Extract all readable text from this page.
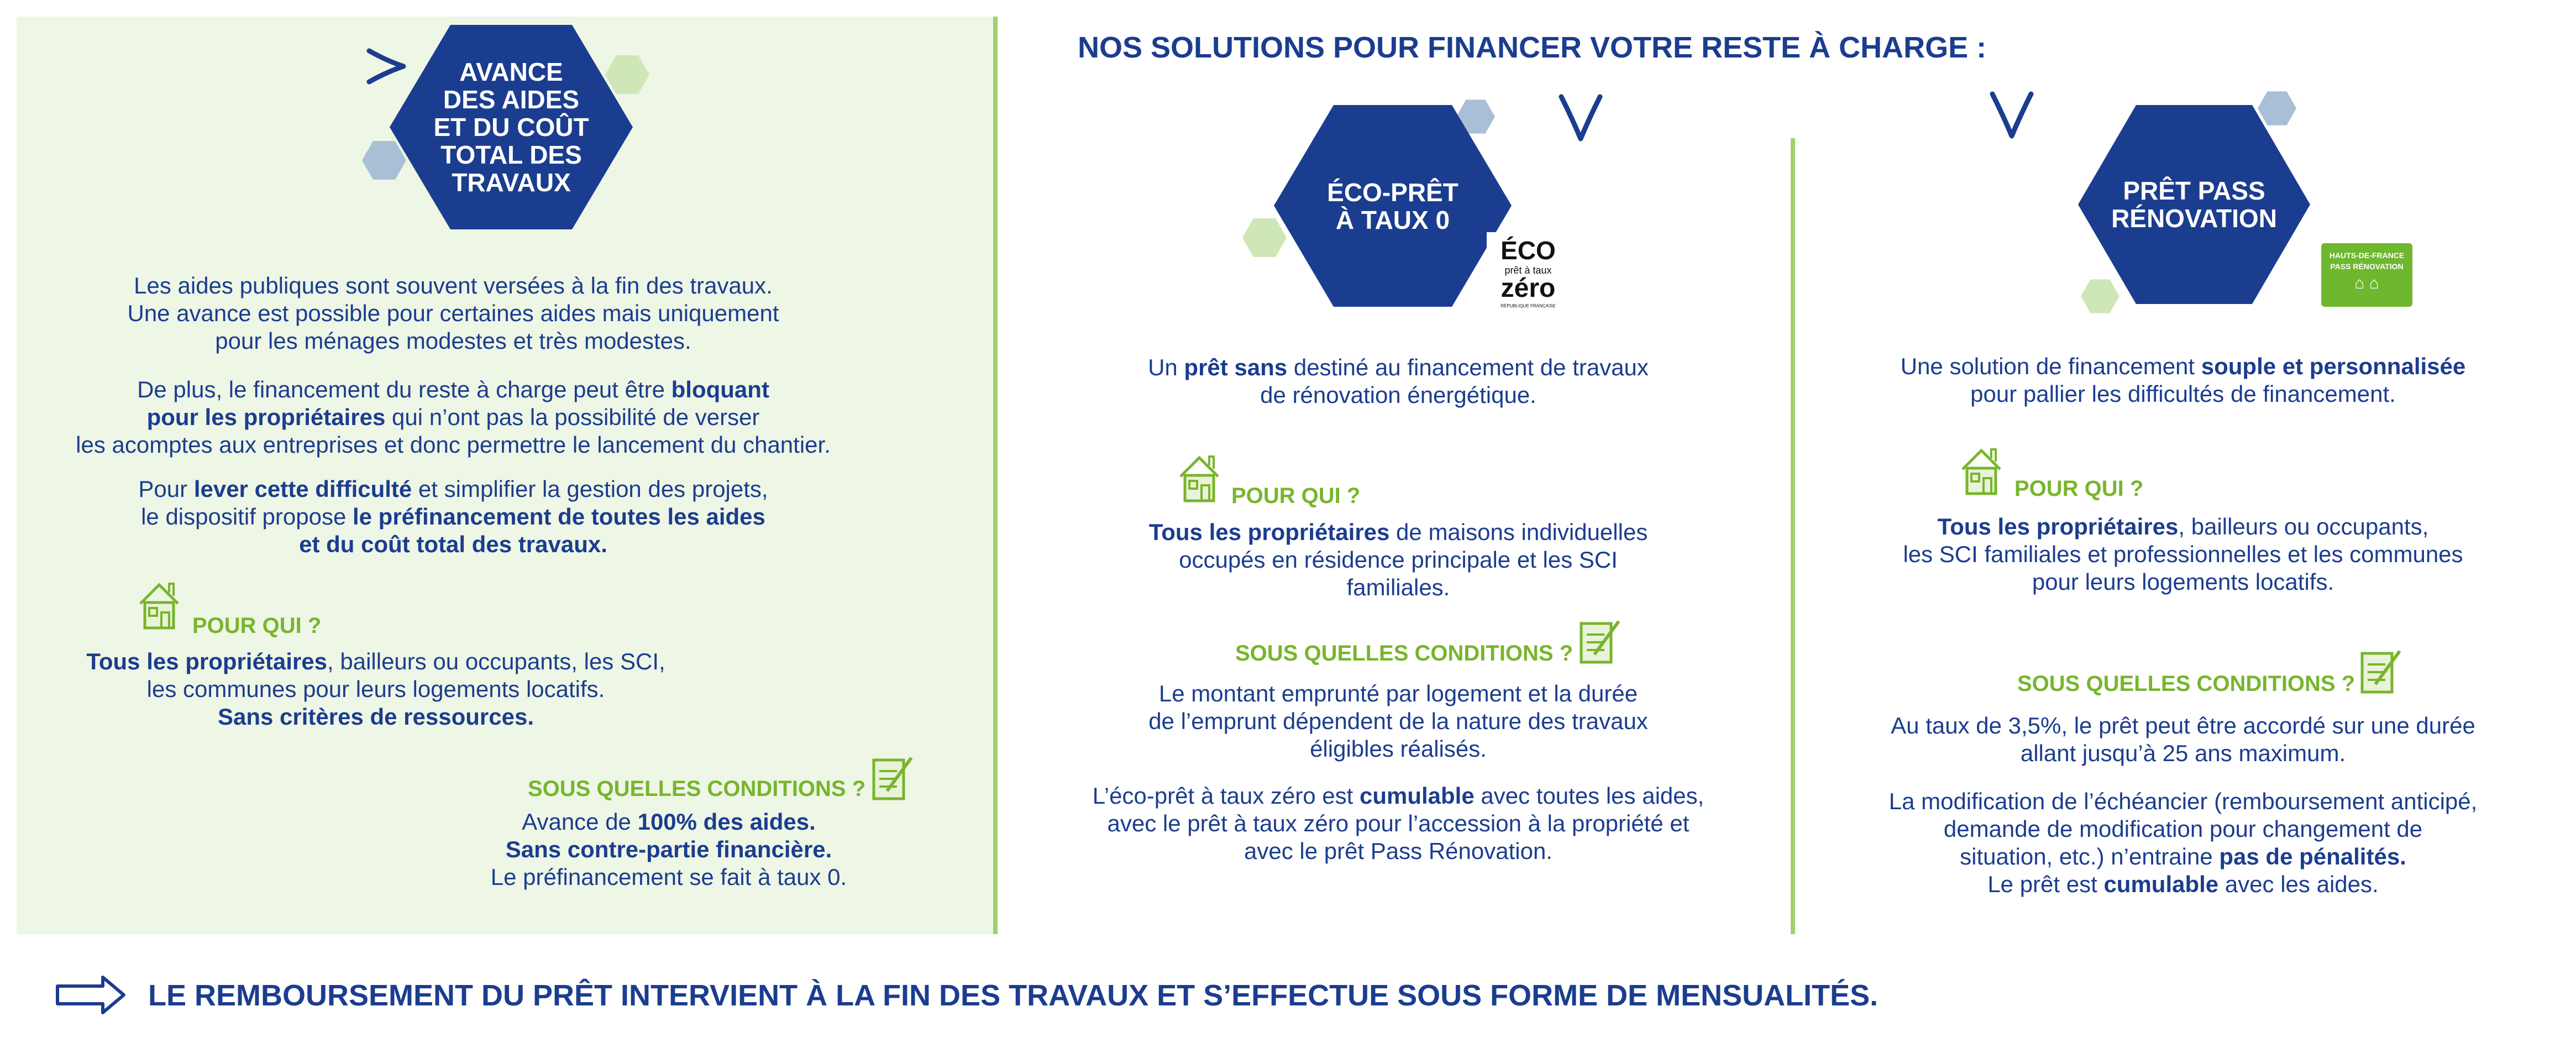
AVANCE
DES AIDES
ET DU COÛT
TOTAL DES
TRAVAUX

Les aides publiques sont souvent versées à la fin des travaux.

Une avance est possible pour certaines aides mais uniquement

pour les ménages modestes et très modestes.

De plus, le financement du reste à charge peut être bloquant

pour les propriétaires qui n’ont pas la possibilité de verser

les acomptes aux entreprises et donc permettre le lancement du chantier.

Pour lever cette difficulté et simplifier la gestion des projets,

le dispositif propose le préfinancement de toutes les aides

et du coût total des travaux.

POUR QUI ?

Tous les propriétaires, bailleurs ou occupants, les SCI,

les communes pour leurs logements locatifs.

Sans critères de ressources.

SOUS QUELLES CONDITIONS ?

Avance de 100% des aides.

Sans contre-partie financière.

Le préfinancement se fait à taux 0.

NOS SOLUTIONS POUR FINANCER VOTRE RESTE À CHARGE :
ÉCO-PRÊT
À TAUX 0
ÉCO
prêt à taux
zéro
RÉPUBLIQUE FRANÇAISE

Un prêt sans destiné au financement de travaux

de rénovation énergétique.

POUR QUI ?

Tous les propriétaires de maisons individuelles

occupés en résidence principale et les SCI

familiales.

SOUS QUELLES CONDITIONS ?

Le montant emprunté par logement et la durée

de l’emprunt dépendent de la nature des travaux

éligibles réalisés.

L’éco-prêt à taux zéro est cumulable avec toutes les aides,

avec le prêt à taux zéro pour l’accession à la propriété et

avec le prêt Pass Rénovation.

PRÊT PASS
RÉNOVATION
HAUTS-DE-FRANCE
PASS RÉNOVATION
⌂ ⌂

Une solution de financement souple et personnalisée

pour pallier les difficultés de financement.

POUR QUI ?

Tous les propriétaires, bailleurs ou occupants,

les SCI familiales et professionnelles et les communes

pour leurs logements locatifs.

SOUS QUELLES CONDITIONS ?

Au taux de 3,5%, le prêt peut être accordé sur une durée

allant jusqu’à 25 ans maximum.

La modification de l’échéancier (remboursement anticipé,

demande de modification pour changement de

situation, etc.) n’entraine pas de pénalités.

Le prêt est cumulable avec les aides.

LE REMBOURSEMENT DU PRÊT INTERVIENT À LA FIN DES TRAVAUX ET S’EFFECTUE SOUS FORME DE MENSUALITÉS.
